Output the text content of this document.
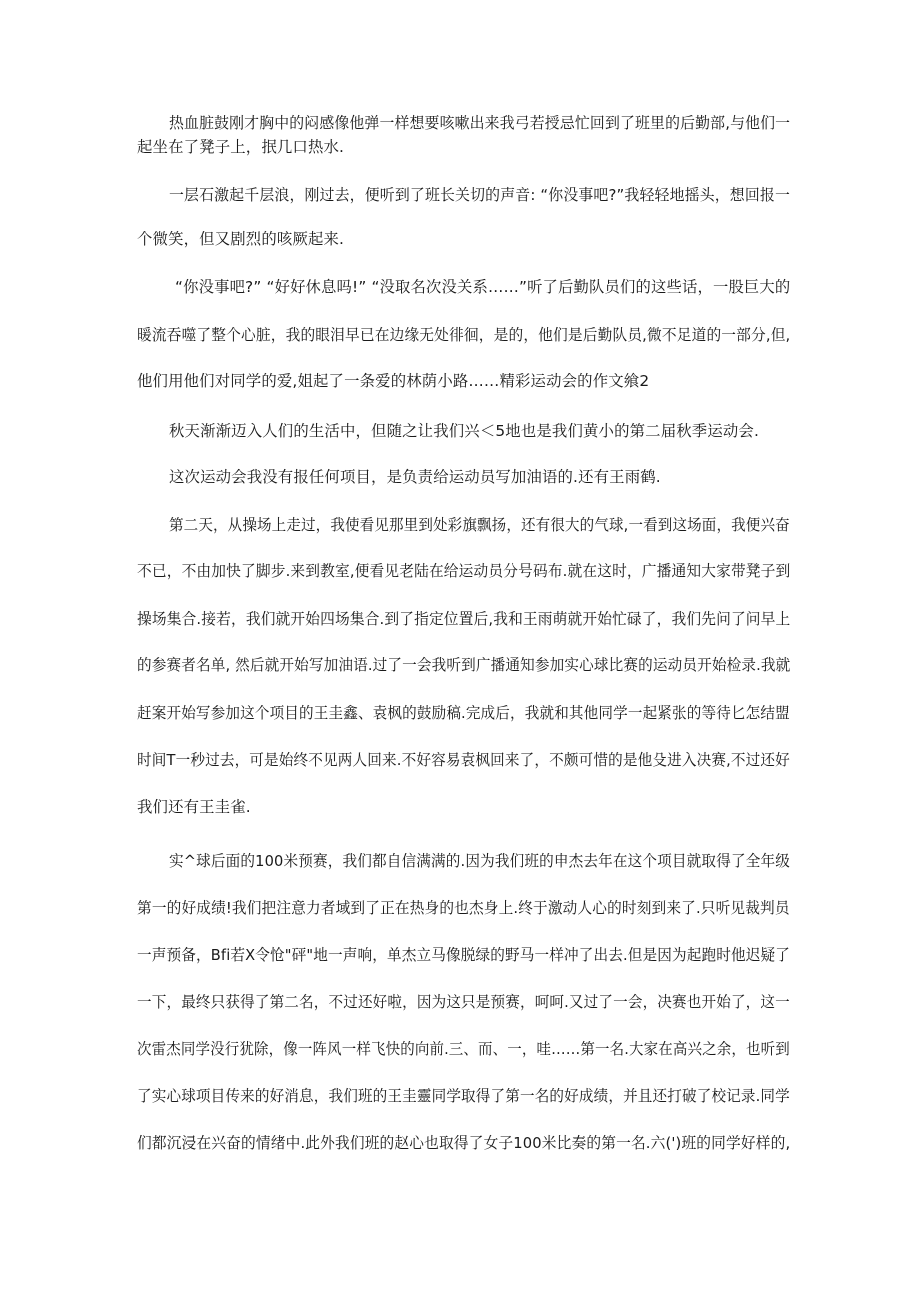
热血脏鼓刚才胸中的闷感像他弹一样想要咳嗽出来我弓若授忌忙回到了班里的后勤部,与他们一
起坐在了凳子上，抿几口热水.
一层石激起千层浪，刚过去，便听到了班长关切的声音: “你没事吧?”我轻轻地摇头，想回报一
个微笑，但又剧烈的咳厥起来.
“你没事吧?” “好好休息吗!” “没取名次没关系……”听了后勤队员们的这些话，一股巨大的
暖流吞噬了整个心脏，我的眼泪早已在边缘无处徘徊，是的，他们是后勤队员,微不足道的一部分,但,
他们用他们对同学的爱,姐起了一条爱的林荫小路……精彩运动会的作文飨2
秋天渐渐迈入人们的生活中，但随之让我们兴＜5地也是我们黄小的第二届秋季运动会.
这次运动会我没有报任何项目，是负责给运动员写加油语的.还有王雨鹤.
第二天，从操场上走过，我使看见那里到处彩旗飘扬，还有很大的气球,一看到这场面，我便兴奋
不已，不由加快了脚步.来到教室,便看见老陆在给运动员分号码布.就在这时，广播通知大家带凳子到
操场集合.接若，我们就开始四场集合.到了指定位置后,我和王雨萌就开始忙碌了，我们先问了问早上
的参赛者名单, 然后就开始写加油语.过了一会我听到广播通知参加实心球比赛的运动员开始检录.我就
赶案开始写参加这个项目的王圭鑫、袁枫的鼓励稿.完成后，我就和其他同学一起紧张的等待匕怎结盟
时间T一秒过去，可是始终不见两人回来.不好容易袁枫回来了，不颇可惜的是他殳进入决赛,不过还好
我们还有王圭雀.
实^球后面的100米预赛，我们都自信满满的.因为我们班的申杰去年在这个项目就取得了全年级
第一的好成绩!我们把注意力者域到了正在热身的也杰身上.终于激动人心的时刻到来了.只听见裁判员
一声预备，Bfi若X令怆"砰"地一声响，单杰立马像脱绿的野马一样冲了出去.但是因为起跑时他迟疑了
一下，最终只获得了第二名，不过还好啦，因为这只是预赛，呵呵.又过了一会，决赛也开始了，这一
次雷杰同学没行犹除，像一阵风一样飞快的向前.三、而、一，哇……第一名.大家在高兴之余，也听到
了实心球项目传来的好消息，我们班的王圭靈同学取得了第一名的好成绩，并且还打破了校记录.同学
们都沉浸在兴奋的情绪中.此外我们班的赵心也取得了女子100米比奏的第一名.六(')班的同学好样的,
